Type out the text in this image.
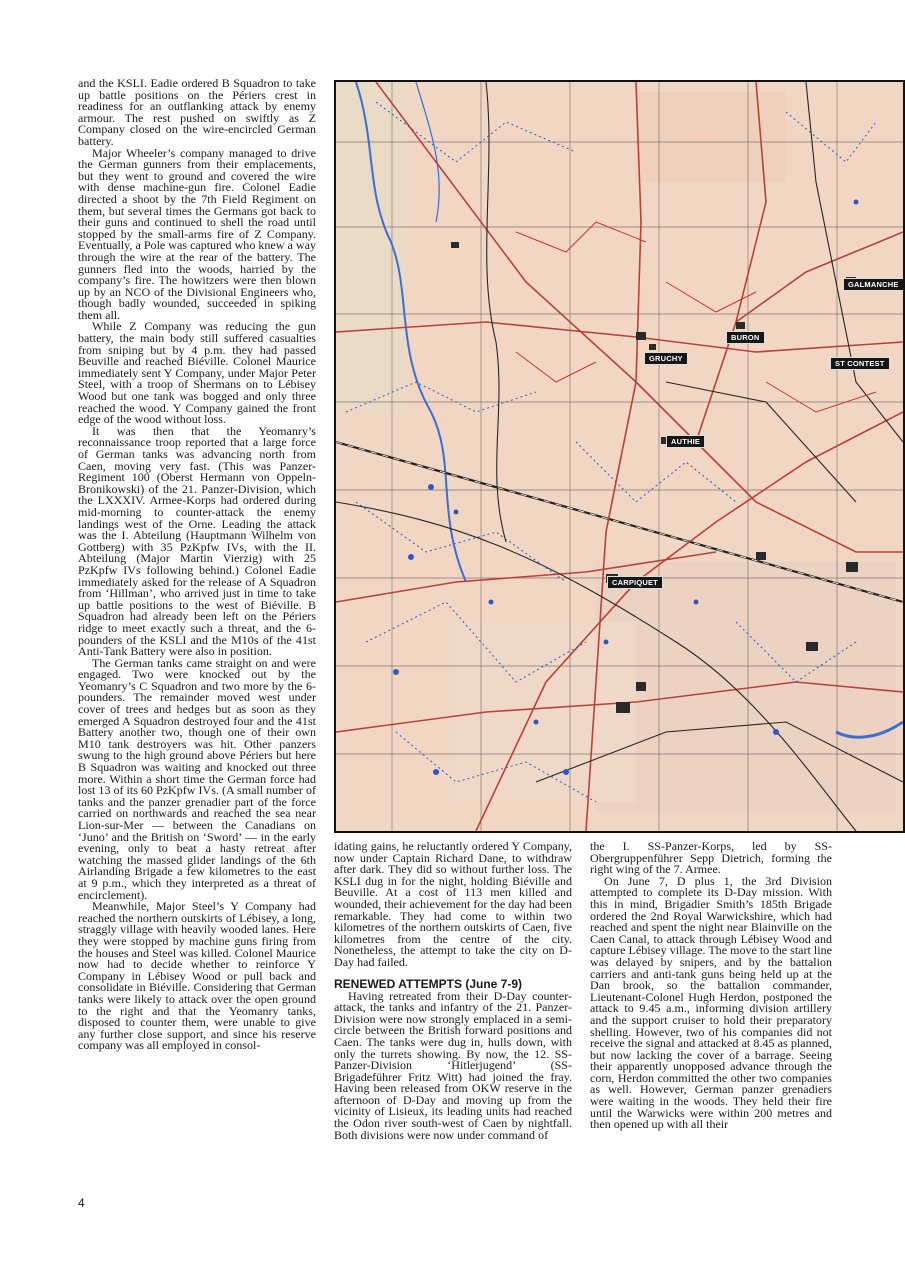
and the KSLI. Eadie ordered B Squadron to take up battle positions on the Périers crest in readiness for an outflanking attack by enemy armour. The rest pushed on swiftly as Z Company closed on the wire-encircled German battery.

Major Wheeler’s company managed to drive the German gunners from their emplacements, but they went to ground and covered the wire with dense machine-gun fire. Colonel Eadie directed a shoot by the 7th Field Regiment on them, but several times the Germans got back to their guns and continued to shell the road until stopped by the small-arms fire of Z Company. Eventually, a Pole was captured who knew a way through the wire at the rear of the battery. The gunners fled into the woods, harried by the company’s fire. The howitzers were then blown up by an NCO of the Divisional Engineers who, though badly wounded, succeeded in spiking them all.

While Z Company was reducing the gun battery, the main body still suffered casualties from sniping but by 4 p.m. they had passed Beuville and reached Biéville. Colonel Maurice immediately sent Y Company, under Major Peter Steel, with a troop of Shermans on to Lébisey Wood but one tank was bogged and only three reached the wood. Y Company gained the front edge of the wood without loss.

It was then that the Yeomanry’s reconnaissance troop reported that a large force of German tanks was advancing north from Caen, moving very fast. (This was Panzer-Regiment 100 (Oberst Hermann von Oppeln-Bronikowski) of the 21. Panzer-Division, which the LXXXIV. Armee-Korps had ordered during mid-morning to counter-attack the enemy landings west of the Orne. Leading the attack was the I. Abteilung (Hauptmann Wilhelm von Gottberg) with 35 PzKpfw IVs, with the II. Abteilung (Major Martin Vierzig) with 25 PzKpfw IVs following behind.) Colonel Eadie immediately asked for the release of A Squadron from ‘Hillman’, who arrived just in time to take up battle positions to the west of Biéville. B Squadron had already been left on the Périers ridge to meet exactly such a threat, and the 6-pounders of the KSLI and the M10s of the 41st Anti-Tank Battery were also in position.

The German tanks came straight on and were engaged. Two were knocked out by the Yeomanry’s C Squadron and two more by the 6-pounders. The remainder moved west under cover of trees and hedges but as soon as they emerged A Squadron destroyed four and the 41st Battery another two, though one of their own M10 tank destroyers was hit. Other panzers swung to the high ground above Périers but here B Squadron was waiting and knocked out three more. Within a short time the German force had lost 13 of its 60 PzKpfw IVs. (A small number of tanks and the panzer grenadier part of the force carried on northwards and reached the sea near Lion-sur-Mer — between the Canadians on ‘Juno’ and the British on ‘Sword’ — in the early evening, only to beat a hasty retreat after watching the massed glider landings of the 6th Airlanding Brigade a few kilometres to the east at 9 p.m., which they interpreted as a threat of encirclement).

Meanwhile, Major Steel’s Y Company had reached the northern outskirts of Lébisey, a long, straggly village with heavily wooded lanes. Here they were stopped by machine guns firing from the houses and Steel was killed. Colonel Maurice now had to decide whether to reinforce Y Company in Lébisey Wood or pull back and consolidate in Biéville. Considering that German tanks were likely to attack over the open ground to the right and that the Yeomanry tanks, disposed to counter them, were unable to give any further close support, and since his reserve company was all employed in consol-

GALMANCHE
BURON
GRUCHY
ST CONTEST
AUTHIE
CARPIQUET

idating gains, he reluctantly ordered Y Company, now under Captain Richard Dane, to withdraw after dark. They did so without further loss. The KSLI dug in for the night, holding Biéville and Beuville. At a cost of 113 men killed and wounded, their achievement for the day had been remarkable. They had come to within two kilometres of the northern outskirts of Caen, five kilometres from the centre of the city. Nonetheless, the attempt to take the city on D-Day had failed.

RENEWED ATTEMPTS (June 7-9)

Having retreated from their D-Day counter-attack, the tanks and infantry of the 21. Panzer-Division were now strongly emplaced in a semi-circle between the British forward positions and Caen. The tanks were dug in, hulls down, with only the turrets showing. By now, the 12. SS-Panzer-Division ‘Hitlerjugend’ (SS-Brigadeführer Fritz Witt) had joined the fray. Having been released from OKW reserve in the afternoon of D-Day and moving up from the vicinity of Lisieux, its leading units had reached the Odon river south-west of Caen by nightfall. Both divisions were now under command of

the I. SS-Panzer-Korps, led by SS-Obergruppenführer Sepp Dietrich, forming the right wing of the 7. Armee.

On June 7, D plus 1, the 3rd Division attempted to complete its D-Day mission. With this in mind, Brigadier Smith’s 185th Brigade ordered the 2nd Royal Warwickshire, which had reached and spent the night near Blainville on the Caen Canal, to attack through Lébisey Wood and capture Lébisey village. The move to the start line was delayed by snipers, and by the battalion carriers and anti-tank guns being held up at the Dan brook, so the battalion commander, Lieutenant-Colonel Hugh Herdon, postponed the attack to 9.45 a.m., informing division artillery and the support cruiser to hold their preparatory shelling. However, two of his companies did not receive the signal and attacked at 8.45 as planned, but now lacking the cover of a barrage. Seeing their apparently unopposed advance through the corn, Herdon committed the other two companies as well. However, German panzer grenadiers were waiting in the woods. They held their fire until the Warwicks were within 200 metres and then opened up with all their

4
